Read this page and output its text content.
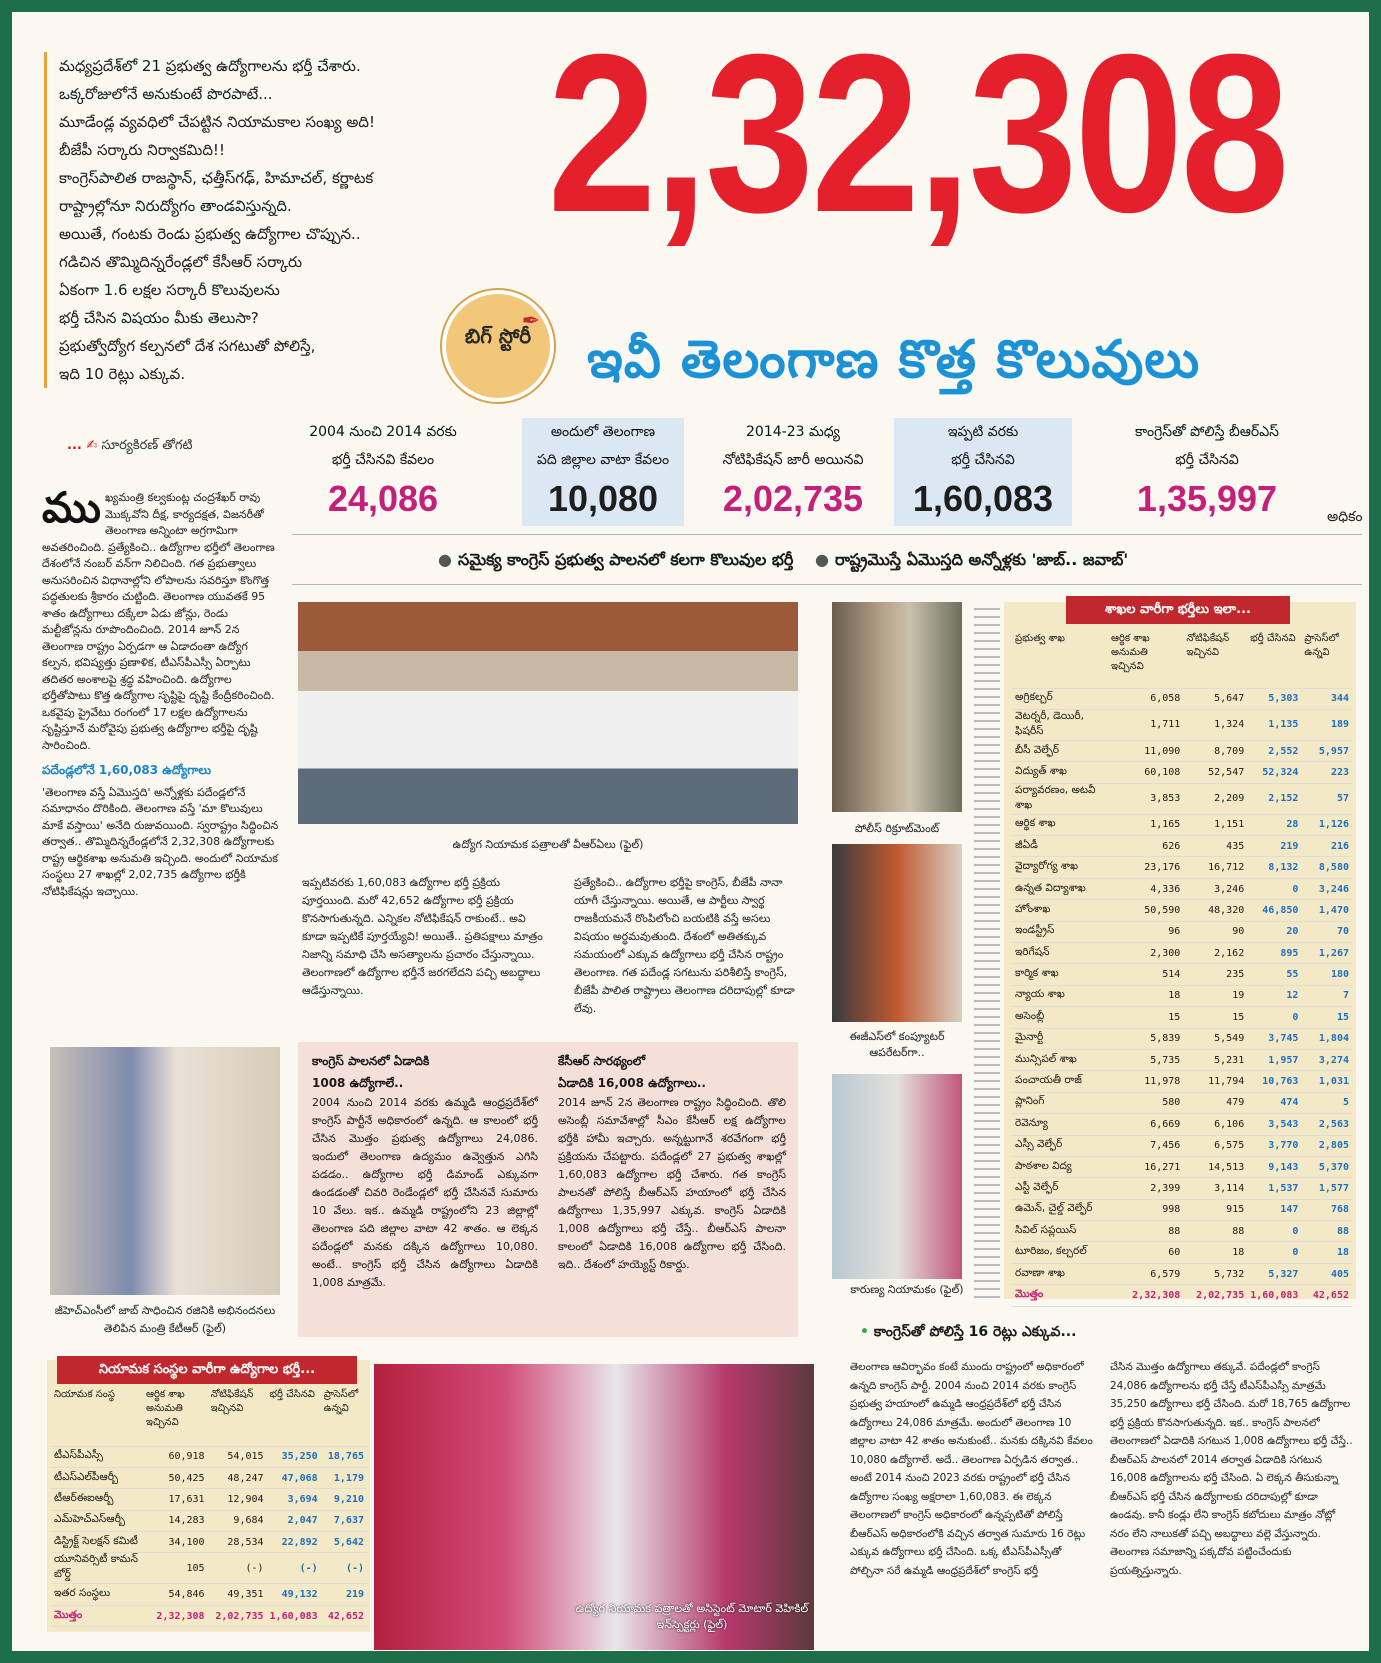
మధ్యప్రదేశ్‌లో 21 ప్రభుత్వ ఉద్యోగాలను భర్తీ చేశారు.
ఒక్కరోజులోనే అనుకుంటే పొరపాటే...
మూడేండ్ల వ్యవధిలో చేపట్టిన నియామకాల సంఖ్య అది!
బీజేపీ సర్కారు నిర్వాకమిది!!
కాంగ్రెస్‌పాలిత రాజస్థాన్, ఛత్తీస్‌గఢ్, హిమాచల్, కర్ణాటక
రాష్ట్రాల్లోనూ నిరుద్యోగం తాండవిస్తున్నది.
అయితే, గంటకు రెండు ప్రభుత్వ ఉద్యోగాల చొప్పున..
గడిచిన తొమ్మిదిన్నరేండ్లలో కేసీఆర్ సర్కారు
ఏకంగా 1.6 లక్షల సర్కారీ కొలువులను
భర్తీ చేసిన విషయం మీకు తెలుసా?
ప్రభుత్వోద్యోగ కల్పనలో దేశ సగటుతో పోలిస్తే,
ఇది 10 రెట్లు ఎక్కువ.
... ✍ సూర్యకిరణ్ తోగటి
2,32,308
✒
బిగ్ స్టోరీ	ఇవీ తెలంగాణ కొత్త కొలువులు
2004 నుంచి 2014 వరకు
భర్తీ చేసినవి కేవలం
24,086
అందులో తెలంగాణ
పది జిల్లాల వాటా కేవలం
10,080
2014-23 మధ్య
నోటిఫికేషన్ జారీ అయినవి
2,02,735
ఇప్పటి వరకు
భర్తీ చేసినవి
1,60,083
కాంగ్రెస్‌తో పోలిస్తే బీఆర్‌ఎస్
భర్తీ చేసినవి
1,35,997	అధికం
● సమైక్య కాంగ్రెస్ ప్రభుత్వ పాలనలో కలగా కొలువుల భర్తీ ● రాష్ట్రమొస్తే ఏమొస్తది అన్నోళ్లకు 'జాబ్.. జవాబ్'
ము ఖ్యమంత్రి కల్వకుంట్ల చంద్రశేఖర్ రావు మొక్కవోని దీక్ష, కార్యదక్షత, విజనరీతో తెలంగాణ అన్నింటా అగ్రగామిగా అవతరించింది. ప్రత్యేకించి.. ఉద్యోగాల భర్తీలో తెలంగాణ దేశంలోనే నంబర్ వన్‌గా నిలిచింది. గత ప్రభుత్వాలు అనుసరించిన విధానాల్లోని లోపాలను సవరిస్తూ కొంగొత్త పద్ధతులకు శ్రీకారం చుట్టింది. తెలంగాణ యువతకే 95 శాతం ఉద్యోగాలు దక్కేలా ఏడు జోన్లు, రెండు మల్టీజోన్లను రూపొందించింది. 2014 జూన్ 2న తెలంగాణ రాష్ట్రం ఏర్పడగా ఆ ఏడాదంతా ఉద్యోగ కల్పన, భవిష్యత్తు ప్రణాళిక, టీఎస్‌పీఎస్సీ ఏర్పాటు తదితర అంశాలపై శ్రద్ధ వహించింది. ఉద్యోగాల భర్తీతోపాటు కొత్త ఉద్యోగాల సృష్టిపై దృష్టి కేంద్రీకరించింది. ఒకవైపు ప్రైవేటు రంగంలో 17 లక్షల ఉద్యోగాలను సృష్టిస్తూనే మరోవైపు ప్రభుత్వ ఉద్యోగాల భర్తీపై దృష్టి సారించింది.
పదేండ్లలోనే 1,60,083 ఉద్యోగాలు
'తెలంగాణ వస్తే ఏమొస్తది' అన్నోళ్లకు పదేండ్లలోనే సమాధానం దొరికింది. తెలంగాణ వస్తే 'మా కొలువులు మాకే వస్తాయి' అనేది రుజువయింది. స్వరాష్ట్రం సిద్ధించిన తర్వాత.. తొమ్మిదిన్నరేండ్లలోనే 2,32,308 ఉద్యోగాలకు రాష్ట్ర ఆర్థికశాఖ అనుమతి ఇచ్చింది. అందులో నియామక సంస్థలు 27 శాఖల్లో 2,02,735 ఉద్యోగాల భర్తీకి నోటిఫికేషన్లు ఇచ్చాయి.
ఉద్యోగ నియామక పత్రాలతో వీఆర్‌ఏలు (ఫైల్)
పోలీస్ రిక్రూట్‌మెంట్
ఈజీఎస్‌లో కంప్యూటర్ ఆపరేటర్‌గా..
కారుణ్య నియామకం (ఫైల్)
జీహెచ్‌ఎంసీలో జాబ్ సాధించిన రజినికి అభినందనలు తెలిపిన మంత్రి కేటీఆర్ (ఫైల్)
ఉద్యోగ నియామక పత్రాలతో అసిస్టెంట్ మోటార్ వెహికిల్ ఇన్‌స్పెక్టర్లు (ఫైల్)
ఇప్పటివరకు 1,60,083 ఉద్యోగాల భర్తీ ప్రక్రియ పూర్తయింది. మరో 42,652 ఉద్యోగాల భర్తీ ప్రక్రియ కొనసాగుతున్నది. ఎన్నికల నోటిఫికేషన్ రాకుంటే.. అవి కూడా ఇప్పటికే పూర్తయ్యేవి! అయితే.. ప్రతిపక్షాలు మాత్రం నిజాన్ని సమాధి చేసి అసత్యాలను ప్రచారం చేస్తున్నాయి. తెలంగాణలో ఉద్యోగాల భర్తీనే జరగలేదని పచ్చి అబద్ధాలు ఆడేస్తున్నాయి.
ప్రత్యేకించి.. ఉద్యోగాల భర్తీపై కాంగ్రెస్, బీజేపీ నానా యాగీ చేస్తున్నాయి. అయితే, ఆ పార్టీలు స్వార్థ రాజకీయమనే రొంపిలోంచి బయటికి వస్తే అసలు విషయం అర్థమవుతుంది. దేశంలో అతితక్కువ సమయంలో ఎక్కువ ఉద్యోగాలు భర్తీ చేసిన రాష్ట్రం తెలంగాణ. గత పదేండ్ల సగటును పరిశీలిస్తే కాంగ్రెస్, బీజేపీ పాలిత రాష్ట్రాలు తెలంగాణ దరిదాపుల్లో కూడా లేవు.
కాంగ్రెస్ పాలనలో ఏడాదికి
1008 ఉద్యోగాలే..
2004 నుంచి 2014 వరకు ఉమ్మడి ఆంధ్రప్రదేశ్‌లో కాంగ్రెస్ పార్టీనే అధికారంలో ఉన్నది. ఆ కాలంలో భర్తీ చేసిన మొత్తం ప్రభుత్వ ఉద్యోగాలు 24,086. ఇందులో తెలంగాణ ఉద్యమం ఉవ్వెత్తున ఎగిసి పడడం.. ఉద్యోగాల భర్తీ డిమాండ్ ఎక్కువగా ఉండడంతో చివరి రెండేండ్లలో భర్తీ చేసినవే సుమారు 10 వేలు. ఇక.. ఉమ్మడి రాష్ట్రంలోని 23 జిల్లాల్లో తెలంగాణ పది జిల్లాల వాటా 42 శాతం. ఆ లెక్కన పదేండ్లలో మనకు దక్కిన ఉద్యోగాలు 10,080. అంటే.. కాంగ్రెస్ భర్తీ చేసిన ఉద్యోగాలు ఏడాదికి 1,008 మాత్రమే.
కేసీఆర్ సారథ్యంలో
ఏడాదికి 16,008 ఉద్యోగాలు..
2014 జూన్ 2న తెలంగాణ రాష్ట్రం సిద్ధించింది. తొలి అసెంబ్లీ సమావేశాల్లో సీఎం కేసీఆర్ లక్ష ఉద్యోగాల భర్తీకి హామీ ఇచ్చారు. అన్నట్టుగానే శరవేగంగా భర్తీ ప్రక్రియను చేపట్టారు. పదేండ్లలో 27 ప్రభుత్వ శాఖల్లో 1,60,083 ఉద్యోగాల భర్తీ చేశారు. గత కాంగ్రెస్ పాలనతో పోలిస్తే బీఆర్‌ఎస్ హయాంలో భర్తీ చేసిన ఉద్యోగాలు 1,35,997 ఎక్కువ. కాంగ్రెస్ ఏడాదికి 1,008 ఉద్యోగాలు భర్తీ చేస్తే.. బీఆర్‌ఎస్ పాలనా కాలంలో ఏడాదికి 16,008 ఉద్యోగాల భర్తీ చేసింది. ఇది.. దేశంలో హయ్యెస్ట్ రికార్డు.
శాఖల వారీగా భర్తీలు ఇలా...
ప్రభుత్వ శాఖ	ఆర్థిక శాఖ అనుమతి ఇచ్చినవి	నోటిఫికేషన్ ఇచ్చినవి	భర్తీ చేసినవి	ప్రాసెస్‌లో ఉన్నవి
అగ్రికల్చర్	6,058	5,647	5,303	344
వెటర్నరీ, డెయిరీ, ఫిషరీస్	1,711	1,324	1,135	189
బీసీ వెల్ఫేర్	11,090	8,709	2,552	5,957
విద్యుత్ శాఖ	60,108	52,547	52,324	223
పర్యావరణం, అటవీ శాఖ	3,853	2,209	2,152	57
ఆర్థిక శాఖ	1,165	1,151	28	1,126
జీఏడీ	626	435	219	216
వైద్యారోగ్య శాఖ	23,176	16,712	8,132	8,580
ఉన్నత విద్యాశాఖ	4,336	3,246	0	3,246
హోంశాఖ	50,590	48,320	46,850	1,470
ఇండస్ట్రీస్	96	90	20	70
ఇరిగేషన్	2,300	2,162	895	1,267
కార్మిక శాఖ	514	235	55	180
న్యాయ శాఖ	18	19	12	7
అసెంబ్లీ	15	15	0	15
మైనార్టీ	5,839	5,549	3,745	1,804
మున్సిపల్ శాఖ	5,735	5,231	1,957	3,274
పంచాయతీ రాజ్	11,978	11,794	10,763	1,031
ప్లానింగ్	580	479	474	5
రెవెన్యూ	6,669	6,106	3,543	2,563
ఎస్సీ వెల్ఫేర్	7,456	6,575	3,770	2,805
పాఠశాల విద్య	16,271	14,513	9,143	5,370
ఎస్టీ వెల్ఫేర్	2,399	3,114	1,537	1,577
ఉమెన్, చైల్డ్ వెల్ఫేర్	998	915	147	768
సివిల్ సప్లయిస్	88	88	0	88
టూరిజం, కల్చరల్	60	18	0	18
రవాణా శాఖ	6,579	5,732	5,327	405
మొత్తం	2,32,308	2,02,735	1,60,083	42,652
నియామక సంస్థల వారీగా ఉద్యోగాల భర్తీ...
నియామక సంస్థ	ఆర్థిక శాఖ అనుమతి ఇచ్చినవి	నోటిఫికేషన్ ఇచ్చినవి	భర్తీ చేసినవి	ప్రాసెస్‌లో ఉన్నవి
టీఎస్‌పీఎస్సీ	60,918	54,015	35,250	18,765
టీఎస్‌ఎల్‌పీఆర్బీ	50,425	48,247	47,068	1,179
టీఆర్‌ఈఐఆర్బీ	17,631	12,904	3,694	9,210
ఎమ్‌హెచ్‌ఎస్‌ఆర్బీ	14,283	9,684	2,047	7,637
డిస్ట్రిక్ట్ సెలక్షన్ కమిటీ	34,100	28,534	22,892	5,642
యూనివర్సిటీ కామన్ బోర్డ్	105	(-)	(-)	(-)
ఇతర సంస్థలు	54,846	49,351	49,132	219
మొత్తం	2,32,308	2,02,735	1,60,083	42,652
• కాంగ్రెస్‌తో పోలిస్తే 16 రెట్లు ఎక్కువ...
తెలంగాణ ఆవిర్భావం కంటే ముందు రాష్ట్రంలో అధికారంలో ఉన్నది కాంగ్రెస్ పార్టీ. 2004 నుంచి 2014 వరకు కాంగ్రెస్ ప్రభుత్వ హయాంలో ఉమ్మడి ఆంధ్రప్రదేశ్‌లో భర్తీ చేసిన ఉద్యోగాలు 24,086 మాత్రమే. అందులో తెలంగాణ 10 జిల్లాల వాటా 42 శాతం అనుకుంటే.. మనకు దక్కినవి కేవలం 10,080 ఉద్యోగాలే. అదే.. తెలంగాణ ఏర్పడిన తర్వాత.. అంటే 2014 నుంచి 2023 వరకు రాష్ట్రంలో భర్తీ చేసిన ఉద్యోగాల సంఖ్య అక్షరాలా 1,60,083. ఈ లెక్కన తెలంగాణలో కాంగ్రెస్ అధికారంలో ఉన్నప్పటితో పోలిస్తే బీఆర్‌ఎస్ అధికారంలోకి వచ్చిన తర్వాత సుమారు 16 రెట్లు ఎక్కువ ఉద్యోగాలు భర్తీ చేసింది. ఒక్క టీఎస్‌పీఎస్సీతో పోల్చినా సరే ఉమ్మడి ఆంధ్రప్రదేశ్‌లో కాంగ్రెస్ భర్తీ
చేసిన మొత్తం ఉద్యోగాలు తక్కువే. పదేండ్లలో కాంగ్రెస్ 24,086 ఉద్యోగాలను భర్తీ చేస్తే టీఎస్‌పీఎస్సీ మాత్రమే 35,250 ఉద్యోగాలు భర్తీ చేసింది. మరో 18,765 ఉద్యోగాల భర్తీ ప్రక్రియ కొనసాగుతున్నది. ఇక.. కాంగ్రెస్ పాలనలో తెలంగాణలో ఏడాదికి సగటున 1,008 ఉద్యోగాలు భర్తీ చేస్తే.. బీఆర్‌ఎస్ పాలనలో 2014 తర్వాత ఏడాదికి సగటున 16,008 ఉద్యోగాలను భర్తీ చేసింది. ఏ లెక్కన తీసుకున్నా బీఆర్‌ఎస్ భర్తీ చేసిన ఉద్యోగాలకు దరిదాపుల్లో కూడా ఉండవు. కానీ కండ్లు లేని కాంగ్రెస్ కబోదులు మాత్రం నోట్లో నరం లేని నాలుకతో పచ్చి అబద్ధాలు వల్లె వేస్తున్నారు. తెలంగాణ సమాజాన్ని పక్కదోవ పట్టించేందుకు ప్రయత్నిస్తున్నారు.
